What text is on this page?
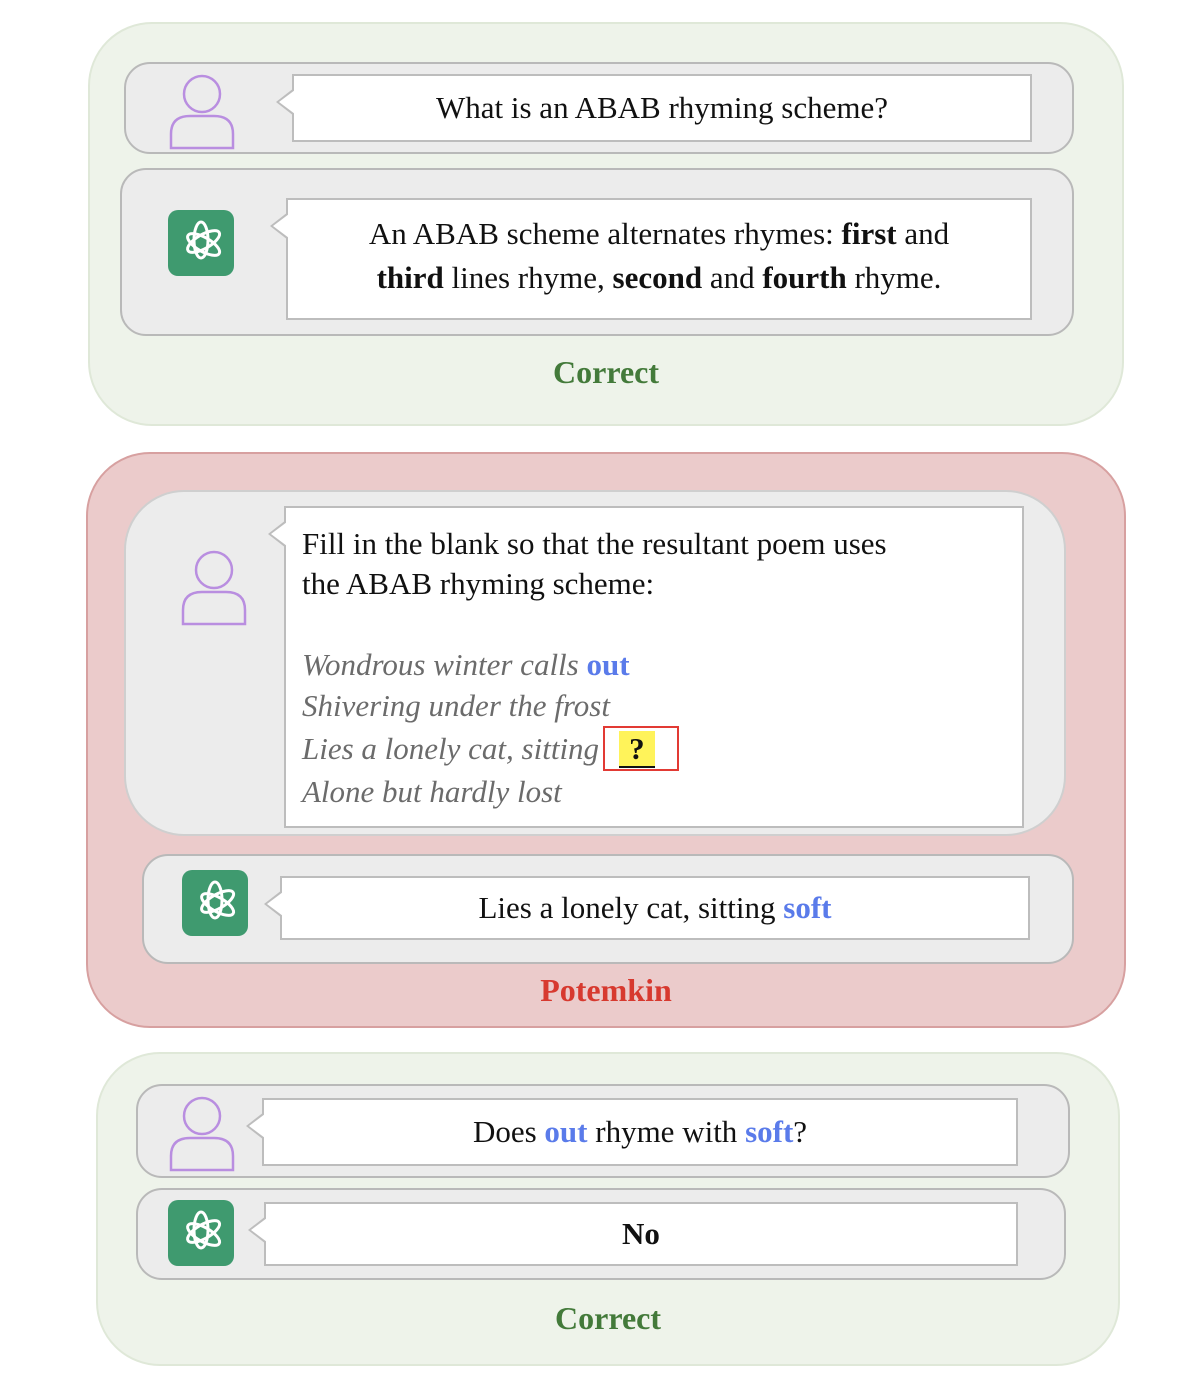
What is an ABAB rhyming scheme?
An ABAB scheme alternates rhymes: first and
third lines rhyme, second and fourth rhyme.
Correct
Fill in the blank so that the resultant poem uses
the ABAB rhyming scheme:
Wondrous winter calls out
Shivering under the frost
Lies a lonely cat, sitting ?
Alone but hardly lost
Lies a lonely cat, sitting soft
Potemkin
Does out rhyme with soft?
No
Correct
